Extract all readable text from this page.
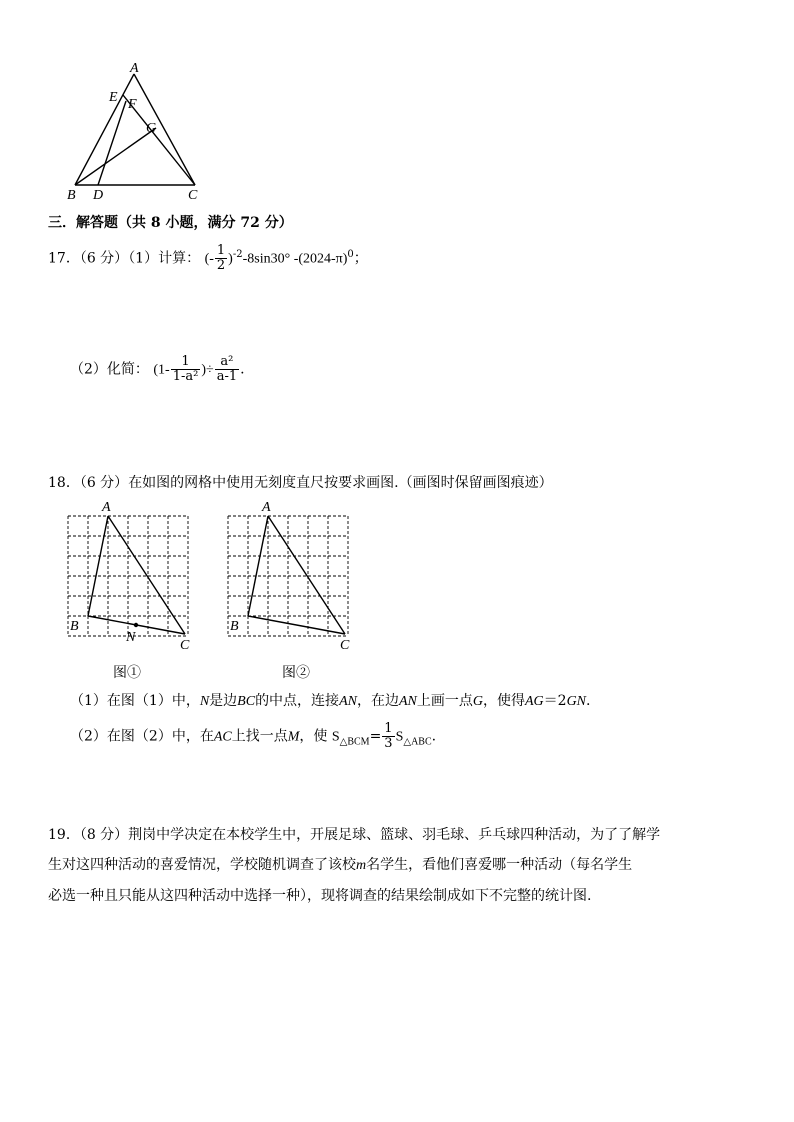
A
E F
G
B D	C
三．解答题（共 8 小题，满分 72 分）
17．（6 分）（1）计算： (- $\frac{1}{2} )^{-2}-8\sin 30^\circ$ $-(2024-\pi)^0$；
（2）化简： ($1- \frac{1}{\text{1-a²}}$ )÷ $\frac{\text{a²}}{a-1}$ .
18．（6 分）在如图的网格中使用无刻度直尺按要求画图.（画图时保留画图痕迹）
A
B
N
C
A
B
C
图①	图②
（1）在图（1）中，N是边BC的中点，连接AN，在边AN上画一点G，使得AG＝2GN.
（2）在图（2）中，在AC上找一点M，使 $S_{\triangle BCM}= \frac{1}{3} S_{\triangle ABC}$.
19．（8 分）荆岗中学决定在本校学生中，开展足球、篮球、羽毛球、乒乓球四种活动，为了了解学
生对这四种活动的喜爱情况，学校随机调查了该校m名学生，看他们喜爱哪一种活动（每名学生
必选一种且只能从这四种活动中选择一种），现将调查的结果绘制成如下不完整的统计图.
